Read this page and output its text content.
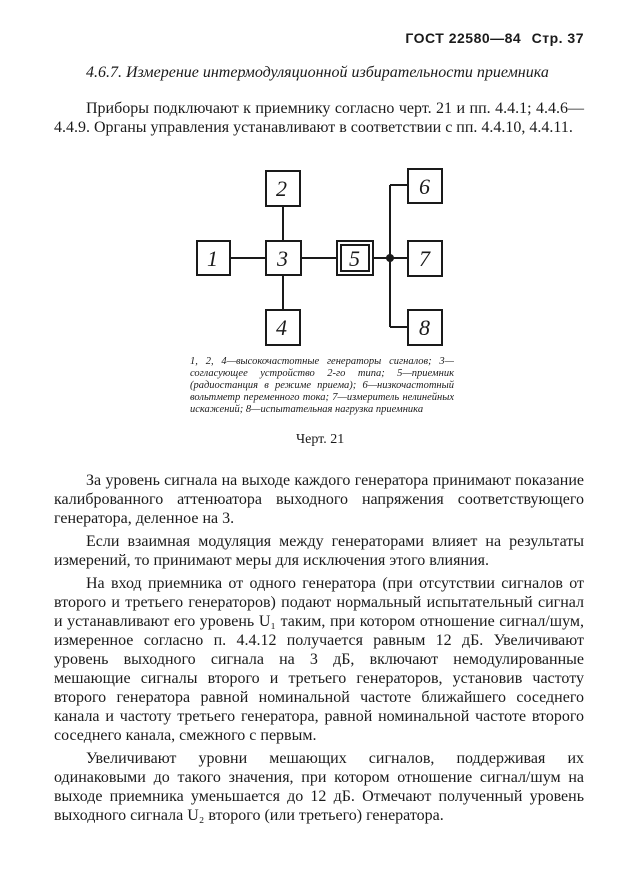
ГОСТ 22580—84 Стр. 37
4.6.7. Измерение интермодуляционной избирательности приемника
Приборы подключают к приемнику согласно черт. 21 и пп. 4.4.1; 4.4.6—4.4.9. Органы управления устанавливают в соответствии с пп. 4.4.10, 4.4.11.
1
2
3
4
5
6
7
8
1, 2, 4—высокочастотные генераторы сигналов; 3—согласующее устройство 2-го типа; 5—приемник (радиостанция в режиме приема); 6—низкочастотный вольтметр переменного тока; 7—измеритель нелинейных искажений; 8—испытательная нагрузка приемника
Черт. 21

За уровень сигнала на выходе каждого генератора принимают показание калиброванного аттенюатора выходного напряжения соответствующего генератора, деленное на 3.

Если взаимная модуляция между генераторами влияет на результаты измерений, то принимают меры для исключения этого влияния.

На вход приемника от одного генератора (при отсутствии сигналов от второго и третьего генераторов) подают нормальный испытательный сигнал и устанавливают его уровень U₁ таким, при котором отношение сигнал/шум, измеренное согласно п. 4.4.12 получается равным 12 дБ. Увеличивают уровень выходного сигнала на 3 дБ, включают немодулированные мешающие сигналы второго и третьего генераторов, установив частоту второго генератора равной номинальной частоте ближайшего соседнего канала и частоту третьего генератора, равной номинальной частоте второго соседнего канала, смежного с первым.

Увеличивают уровни мешающих сигналов, поддерживая их одинаковыми до такого значения, при котором отношение сигнал/шум на выходе приемника уменьшается до 12 дБ. Отмечают полученный уровень выходного сигнала U₂ второго (или третьего) генератора.
